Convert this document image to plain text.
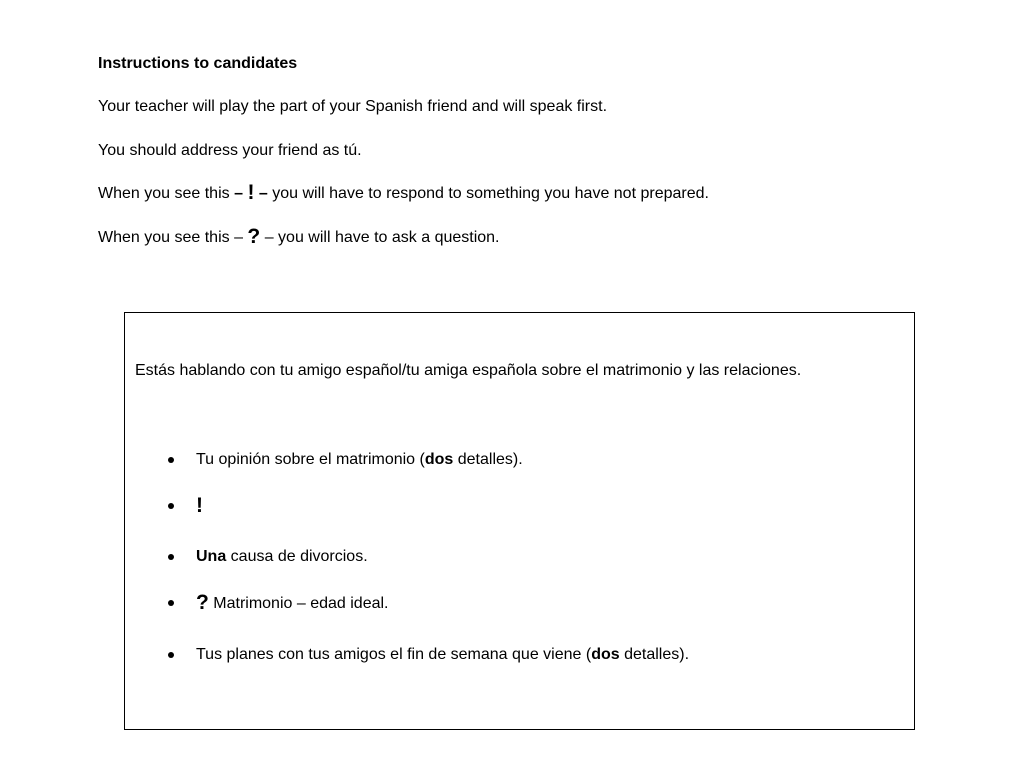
Instructions to candidates
Your teacher will play the part of your Spanish friend and will speak first.
You should address your friend as tú.
When you see this – ! – you will have to respond to something you have not prepared.
When you see this – ? – you will have to ask a question.
Estás hablando con tu amigo español/tu amiga española sobre el matrimonio y las relaciones.
Tu opinión sobre el matrimonio (dos detalles).
!
Una causa de divorcios.
? Matrimonio – edad ideal.
Tus planes con tus amigos el fin de semana que viene (dos detalles).
